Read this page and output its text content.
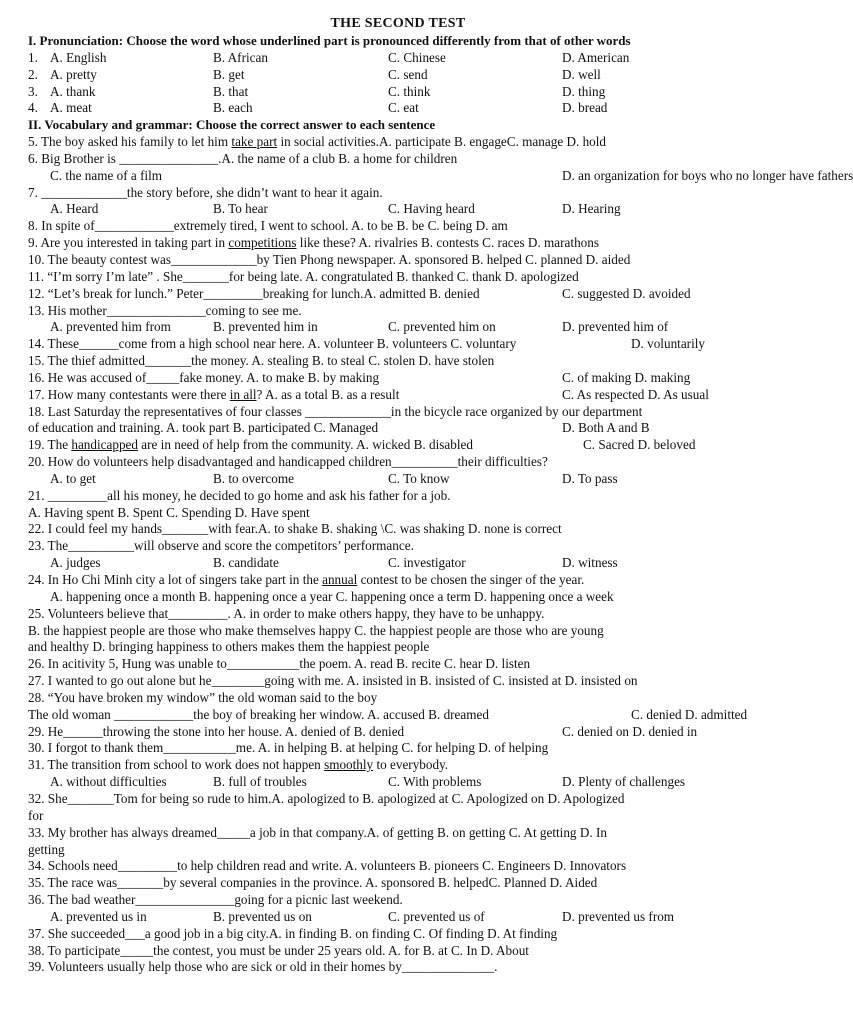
THE SECOND TEST
I. Pronunciation: Choose the word whose underlined part is pronounced differently from that of other words
1. A. English	B. African	C. Chinese	D. American
2. A. pretty	B. get	C. send	D. well
3. A. thank	B. that	C. think	D. thing
4. A. meat	B. each	C. eat	D. bread
II. Vocabulary and grammar: Choose the correct answer to each sentence
5. The boy asked his family to let him take part in social activities.A. participate B. engageC. manage D. hold
6. Big Brother is _______________.A. the name of a club B. a home for children
C. the name of a film	D. an organization for boys who no longer have fathers
7. _____________the story before, she didn’t want to hear it again.
A. Heard	B. To hear	C. Having heard	D. Hearing
8. In spite of____________extremely tired, I went to school. A. to be B. be C. being D. am
9. Are you interested in taking part in competitions like these? A. rivalries B. contests C. races D. marathons
10. The beauty contest was_____________by Tien Phong newspaper. A. sponsored B. helped C. planned D. aided
11. “I’m sorry I’m late” . She_______for being late. A. congratulated B. thanked C. thank D. apologized
12. “Let’s break for lunch.” Peter_________breaking for lunch.A. admitted B. denied	C. suggested D. avoided
13. His mother_______________coming to see me.
A. prevented him from	B. prevented him in	C. prevented him on	D. prevented him of
14. These______come from a high school near here. A. volunteer B. volunteers C. voluntary	D. voluntarily
15. The thief admitted_______the money. A. stealing B. to steal C. stolen D. have stolen
16. He was accused of_____fake money. A. to make B. by making	C. of making D. making
17. How many contestants were there in all? A. as a total B. as a result	C. As respected D. As usual
18. Last Saturday the representatives of four classes _____________in the bicycle race organized by our department
of education and training. A. took part B. participated C. Managed	D. Both A and B
19. The handicapped are in need of help from the community. A. wicked B. disabled	C. Sacred D. beloved
20. How do volunteers help disadvantaged and handicapped children__________their difficulties?
A. to get	B. to overcome	C. To know	D. To pass
21. _________all his money, he decided to go home and ask his father for a job.
A. Having spent B. Spent C. Spending D. Have spent
22. I could feel my hands_______with fear.A. to shake B. shaking \C. was shaking D. none is correct
23. The__________will observe and score the competitors’ performance.
A. judges	B. candidate	C. investigator	D. witness
24. In Ho Chi Minh city a lot of singers take part in the annual contest to be chosen the singer of the year.
A. happening once a month B. happening once a year C. happening once a term D. happening once a week
25. Volunteers believe that_________. A. in order to make others happy, they have to be unhappy.
B. the happiest people are those who make themselves happy C. the happiest people are those who are young
and healthy D. bringing happiness to others makes them the happiest people
26. In acitivity 5, Hung was unable to___________the poem. A. read B. recite C. hear D. listen
27. I wanted to go out alone but he________going with me. A. insisted in B. insisted of C. insisted at D. insisted on
28. “You have broken my window” the old woman said to the boy
The old woman ____________the boy of breaking her window. A. accused B. dreamed	C. denied D. admitted
29. He______throwing the stone into her house. A. denied of B. denied	C. denied on D. denied in
30. I forgot to thank them___________me. A. in helping B. at helping C. for helping D. of helping
31. The transition from school to work does not happen smoothly to everybody.
A. without difficulties	B. full of troubles	C. With problems	D. Plenty of challenges
32. She_______Tom for being so rude to him.A. apologized to B. apologized at C. Apologized on D. Apologized
for
33. My brother has always dreamed_____a job in that company.A. of getting B. on getting C. At getting D. In
getting
34. Schools need_________to help children read and write. A. volunteers B. pioneers C. Engineers D. Innovators
35. The race was_______by several companies in the province. A. sponsored B. helpedC. Planned D. Aided
36. The bad weather_______________going for a picnic last weekend.
A. prevented us in	B. prevented us on	C. prevented us of	D. prevented us from
37. She succeeded___a good job in a big city.A. in finding B. on finding C. Of finding D. At finding
38. To participate_____the contest, you must be under 25 years old. A. for B. at C. In D. About
39. Volunteers usually help those who are sick or old in their homes by______________.
